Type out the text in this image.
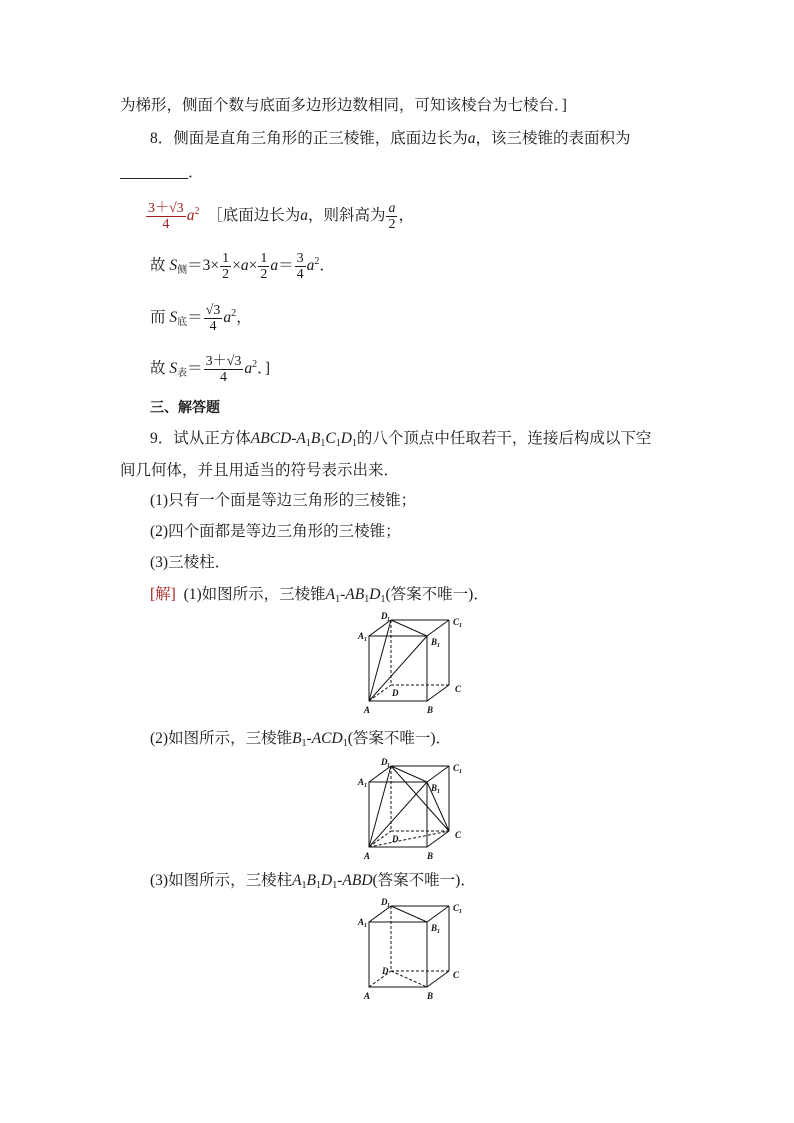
为梯形，侧面个数与底面多边形边数相同，可知该棱台为七棱台．]
8．侧面是直角三角形的正三棱锥，底面边长为a，该三棱锥的表面积为
．
$\frac{3+√3}{4} a^2$ ［底面边长为a，则斜高为 $\frac{a}{2}$ ，
故 $S_侧=3\times \frac{1}{2} \times a\times \frac{1}{2} a= \frac{3}{4} a^2$．
而 $S_底= \frac{√3}{4} a^2$，
故 $S_表= \frac{3+√3}{4} a^2$．]
三、解答题
9．试从正方体ABCD-$A_1B_1C_1D_1$的八个顶点中任取若干，连接后构成以下空
间几何体，并且用适当的符号表示出来．
(1)只有一个面是等边三角形的三棱锥；
(2)四个面都是等边三角形的三棱锥；
(3)三棱柱．
[解] (1)如图所示，三棱锥$A_1-AB_1D_1$(答案不唯一)．
D 1	C 1
A 1	B 1
D	C
A	B
(2)如图所示，三棱锥$B_1-ACD_1$(答案不唯一)．
D 1	C 1
A 1	B 1
D	C
A	B
(3)如图所示，三棱柱$A_1B_1D_1-ABD$(答案不唯一)．
D 1	C 1
A 1	B 1
D	C
A	B
